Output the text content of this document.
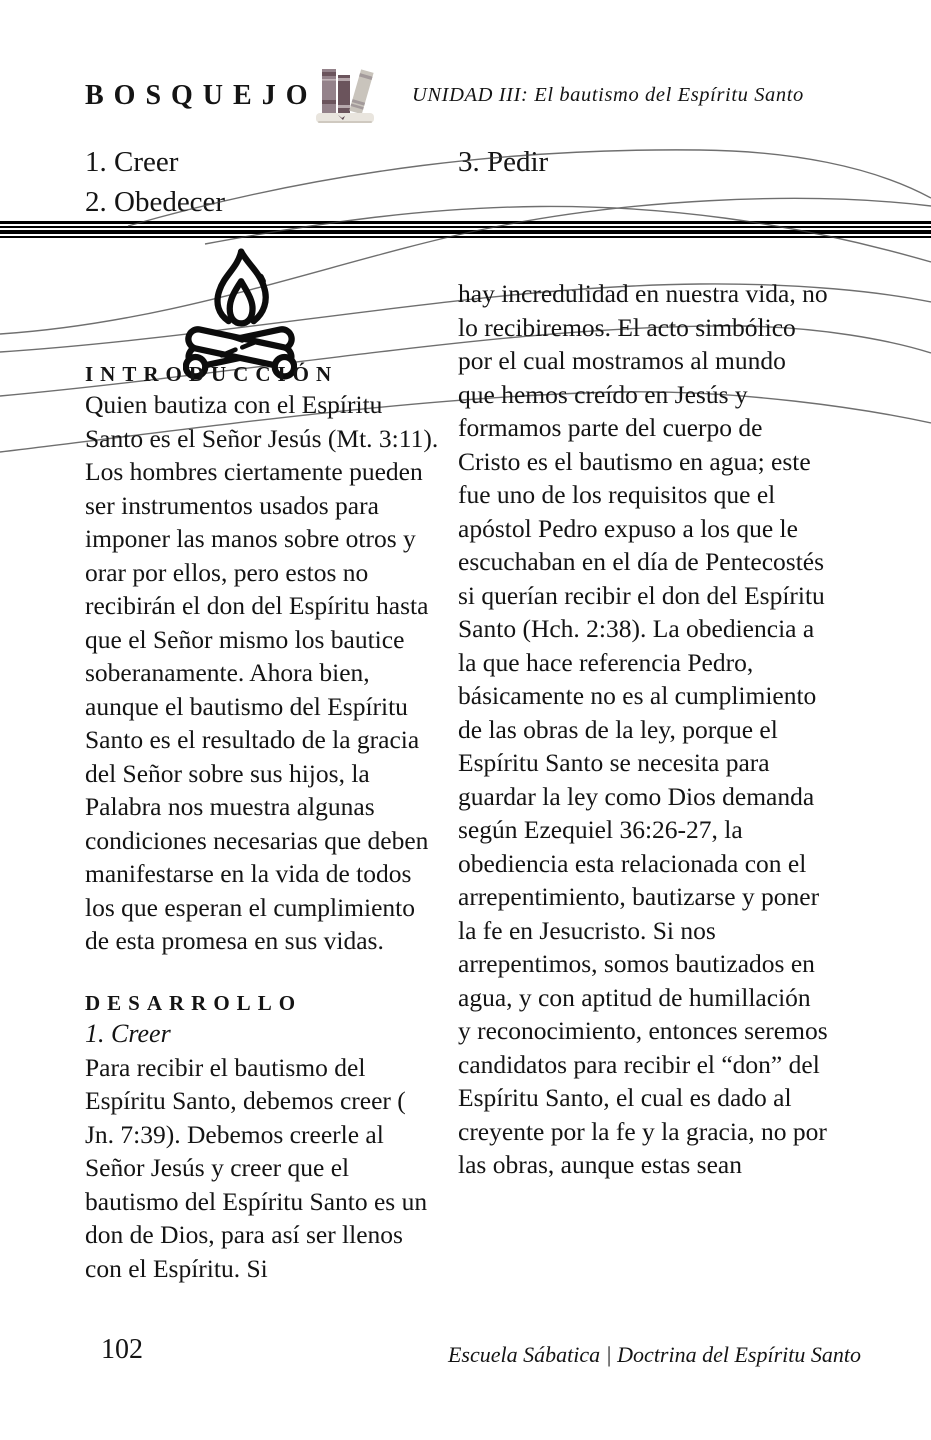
BOSQUEJO	UNIDAD III: El bautismo del Espíritu Santo
1. Creer
2. Obedecer
3. Pedir
INTRODUCCIÓN

Quien bautiza con el Espíritu Santo es el Señor Jesús (Mt. 3:11). Los hombres ciertamente pueden ser instrumentos usados para imponer las manos sobre otros y orar por ellos, pero estos no recibirán el don del Espíritu hasta que el Señor mismo los bautice soberanamente. Ahora bien, aunque el bautismo del Espíritu Santo es el resultado de la gracia del Señor sobre sus hijos, la Palabra nos muestra algunas condiciones necesarias que deben manifestarse en la vida de todos los que esperan el cumplimiento de esta promesa en sus vidas.

DESARROLLO

1. Creer

Para recibir el bautismo del Espíritu Santo, debemos creer ( Jn. 7:39). Debemos creerle al Señor Jesús y creer que el bautismo del Espíritu Santo es un don de Dios, para así ser llenos con el Espíritu. Si

hay incredulidad en nuestra vida, no lo recibiremos. El acto simbólico por el cual mostramos al mundo que hemos creído en Jesús y formamos parte del cuerpo de Cristo es el bautismo en agua; este fue uno de los requisitos que el apóstol Pedro expuso a los que le escuchaban en el día de Pentecostés si querían recibir el don del Espíritu Santo (Hch. 2:38). La obediencia a la que hace referencia Pedro, básicamente no es al cumplimiento de las obras de la ley, porque el Espíritu Santo se necesita para guardar la ley como Dios demanda según Ezequiel 36:26-27, la obediencia esta relacionada con el arrepentimiento, bautizarse y poner la fe en Jesucristo. Si nos arrepentimos, somos bautizados en agua, y con aptitud de humillación y reconocimiento, entonces seremos candidatos para recibir el “don” del Espíritu Santo, el cual es dado al creyente por la fe y la gracia, no por las obras, aunque estas sean

102	Escuela Sábatica | Doctrina del Espíritu Santo
